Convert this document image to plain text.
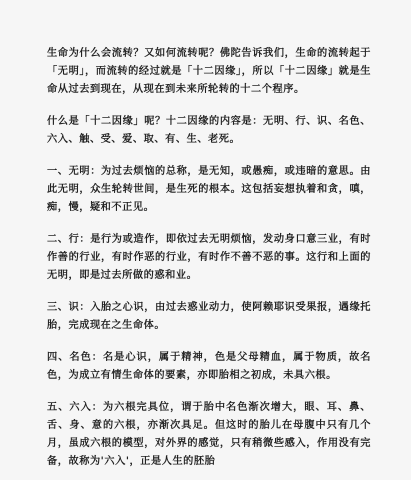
生命为什么会流转？又如何流转呢？佛陀告诉我们，生命的流转起于「无明」，而流转的经过就是「十二因缘」，所以「十二因缘」就是生命从过去到现在，从现在到未来所轮转的十二个程序。

什么是「十二因缘」呢？十二因缘的内容是：无明、行、识、名色、六入、触、受、爱、取、有、生、老死。

一、无明：为过去烦恼的总称，是无知，或愚痴，或违暗的意思。由此无明，众生轮转世间，是生死的根本。这包括妄想执着和贪，嗔，痴，慢，疑和不正见。

二、行：是行为或造作，即依过去无明烦恼，发动身口意三业，有时作善的行业，有时作恶的行业，有时作不善不恶的事。这行和上面的无明，即是过去所做的惑和业。

三、识：入胎之心识，由过去惑业动力，使阿赖耶识受果报，遇缘托胎，完成现在之生命体。

四、名色：名是心识，属于精神，色是父母精血，属于物质，故名色，为成立有情生命体的要素，亦即胎相之初成，未具六根。

五、六入：为六根完具位，谓于胎中名色渐次增大，眼、耳、鼻、舌、身、意的六根，亦渐次具足。但这时的胎儿在母腹中只有几个月，虽成六根的模型，对外界的感觉，只有稍微些感入，作用没有完备，故称为'六入'，正是人生的胚胎
